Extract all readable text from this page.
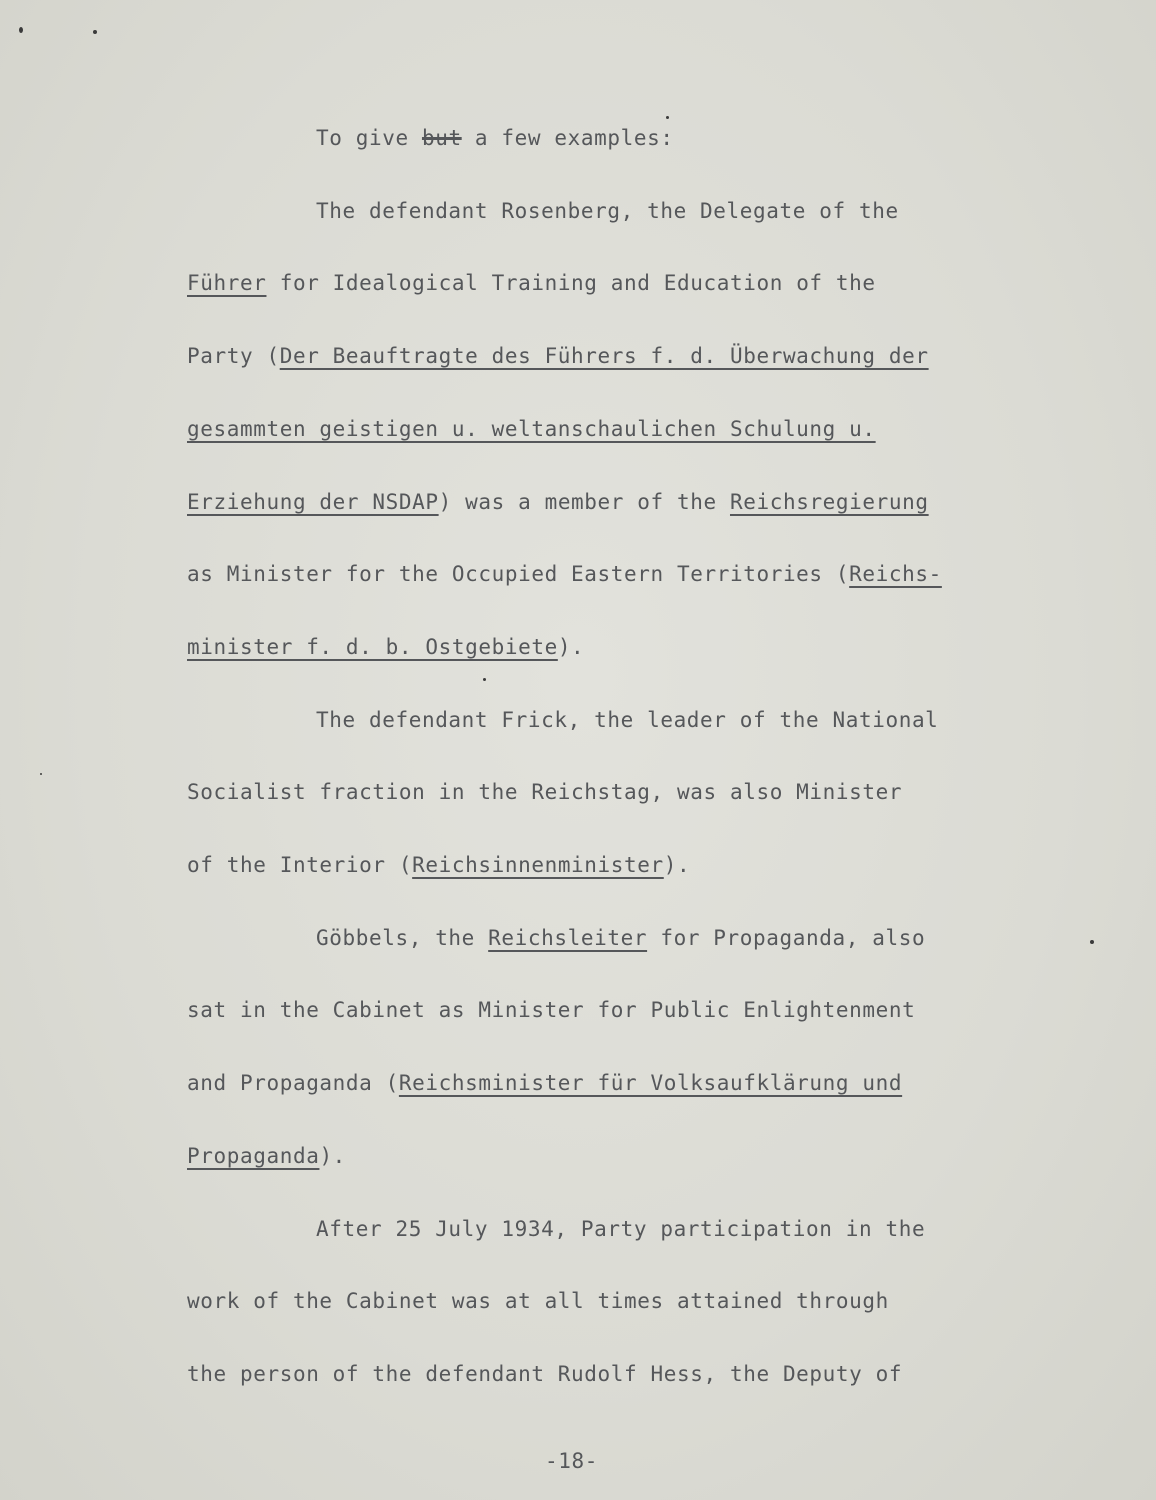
To give but a few examples:
The defendant Rosenberg, the Delegate of the
Führer for Idealogical Training and Education of the
Party (Der Beauftragte des Führers f. d. Überwachung der
gesammten geistigen u. weltanschaulichen Schulung u.
Erziehung der NSDAP) was a member of the Reichsregierung
as Minister for the Occupied Eastern Territories (Reichs-
minister f. d. b. Ostgebiete).
The defendant Frick, the leader of the National
Socialist fraction in the Reichstag, was also Minister
of the Interior (Reichsinnenminister).
Göbbels, the Reichsleiter for Propaganda, also
sat in the Cabinet as Minister for Public Enlightenment
and Propaganda (Reichsminister für Volksaufklärung und
Propaganda).
After 25 July 1934, Party participation in the
work of the Cabinet was at all times attained through
the person of the defendant Rudolf Hess, the Deputy of
-18-
